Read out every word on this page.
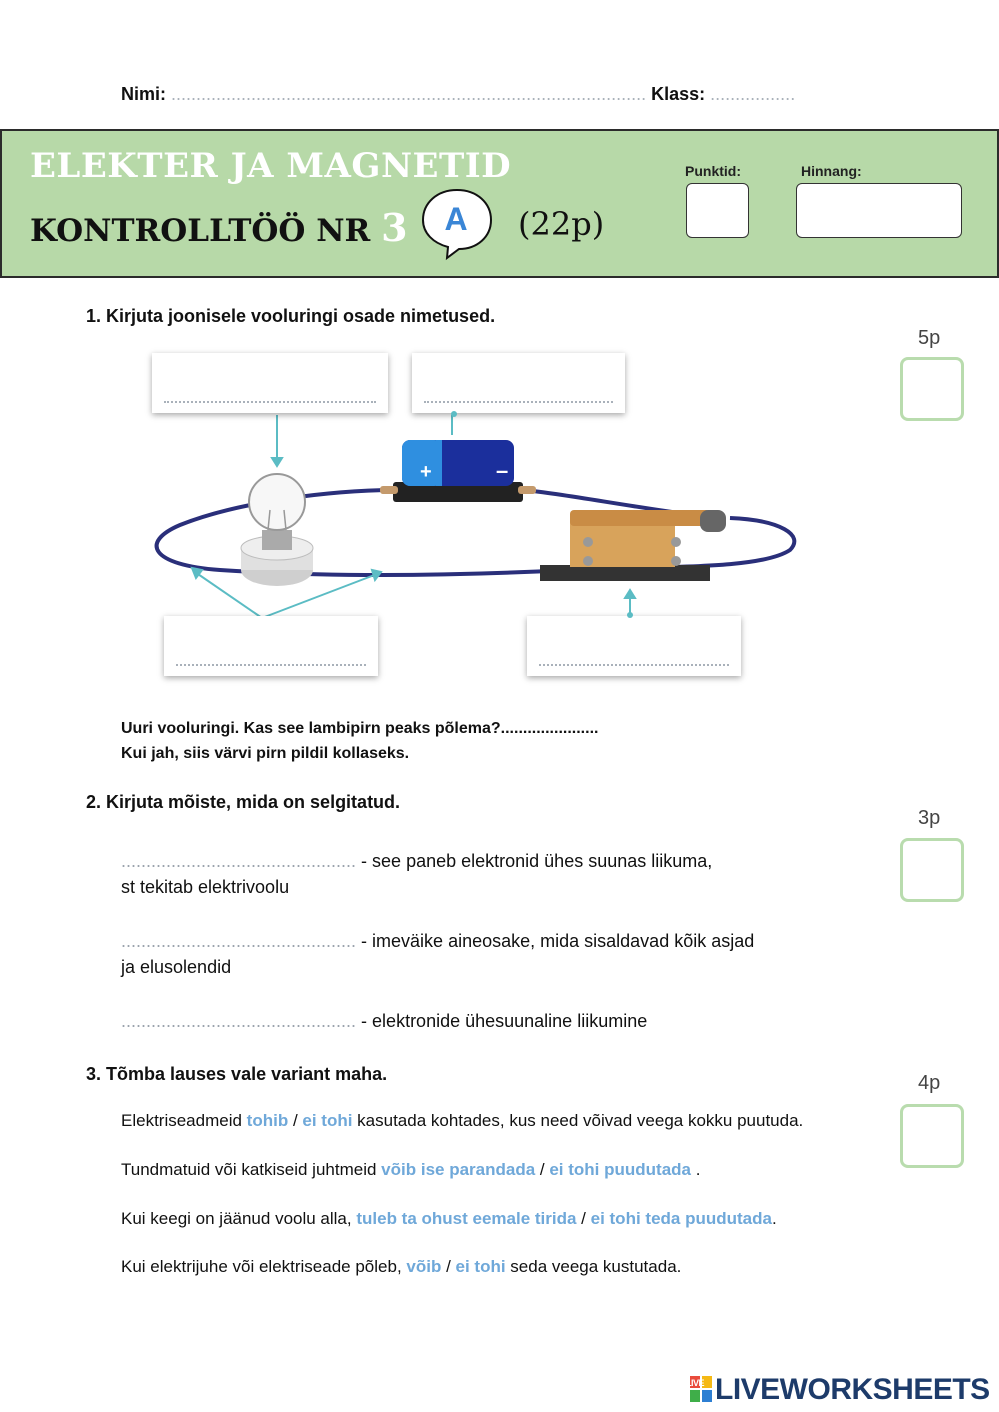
Nimi: ............................................................................................... Klass: .................
ELEKTER JA MAGNETID
KONTROLLTÖÖ NR 3 A (22p)
Punktid:	Hinnang:
1. Kirjuta joonisele vooluringi osade nimetused.
5p
+	–
Uuri vooluringi. Kas see lambipirn peaks põlema?......................
Kui jah, siis värvi pirn pildil kollaseks.
2. Kirjuta mõiste, mida on selgitatud.
3p
............................................... - see paneb elektronid ühes suunas liikuma,
st tekitab elektrivoolu
............................................... - imeväike aineosake, mida sisaldavad kõik asjad
ja elusolendid
............................................... - elektronide ühesuunaline liikumine
3. Tõmba lauses vale variant maha.	4p
Elektriseadmeid tohib / ei tohi kasutada kohtades, kus need võivad veega kokku puutuda.
Tundmatuid või katkiseid juhtmeid võib ise parandada / ei tohi puudutada .
Kui keegi on jäänud voolu alla, tuleb ta ohust eemale tirida / ei tohi teda puudutada.
Kui elektrijuhe või elektriseade põleb, võib / ei tohi seda veega kustutada.
LIVE LIVEWORKSHEETS
